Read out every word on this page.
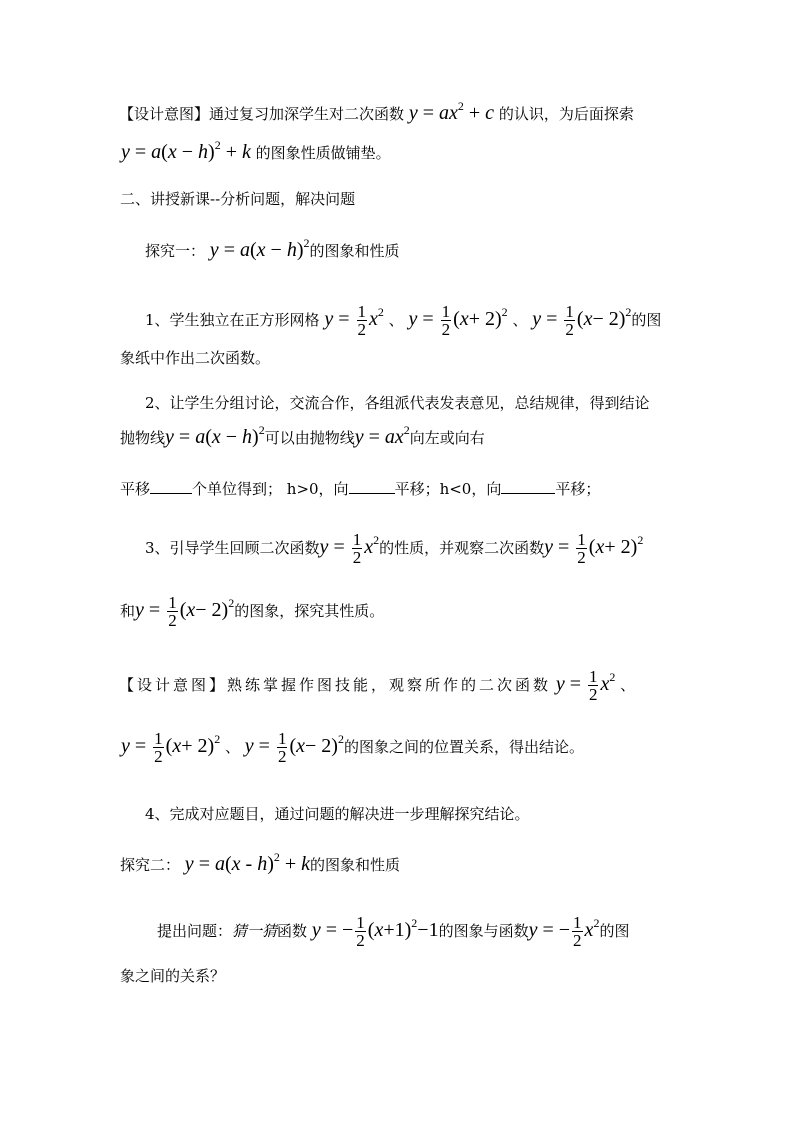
【设计意图】通过复习加深学生对二次函数 $y = ax^2 + c$ 的认识，为后面探索
$y = a(x - h)^2 + k$ 的图象性质做铺垫。
二、讲授新课--分析问题，解决问题
探究一： $y = a(x - h)^2$的图象和性质
1、学生独立在正方形网格 $y = \frac{1}{2} x^2$ 、 $y = \frac{1}{2} (x+ 2)^2$ 、 $y = \frac{1}{2} (x- 2)^2$的图
象纸中作出二次函数。
2、让学生分组讨论，交流合作，各组派代表发表意见，总结规律，得到结论
抛物线$y = a(x - h)^2$可以由抛物线$y = ax^2$向左或向右
平移	个单位得到； h>0，向	平移；h<0，向	平移；
3、引导学生回顾二次函数$y = \frac{1}{2} x^2$的性质，并观察二次函数$y = \frac{1}{2} (x+ 2)^2$
和$y = \frac{1}{2} (x- 2)^2$的图象，探究其性质。
【设计意图】熟练掌握作图技能，观察所作的二次函数 $y = \frac{1}{2} x^2$ 、
$y = \frac{1}{2} (x+ 2)^2$ 、 $y = \frac{1}{2} (x- 2)^2$的图象之间的位置关系，得出结论。
4、完成对应题目，通过问题的解决进一步理解探究结论。
探究二： y = a(x - h)$^2$ + k的图象和性质
提出问题：猜一猜函数 y = − $\frac{1}{2} (x+1)^2-1$的图象与函数y = − $\frac{1}{2} x^2$的图
象之间的关系？
